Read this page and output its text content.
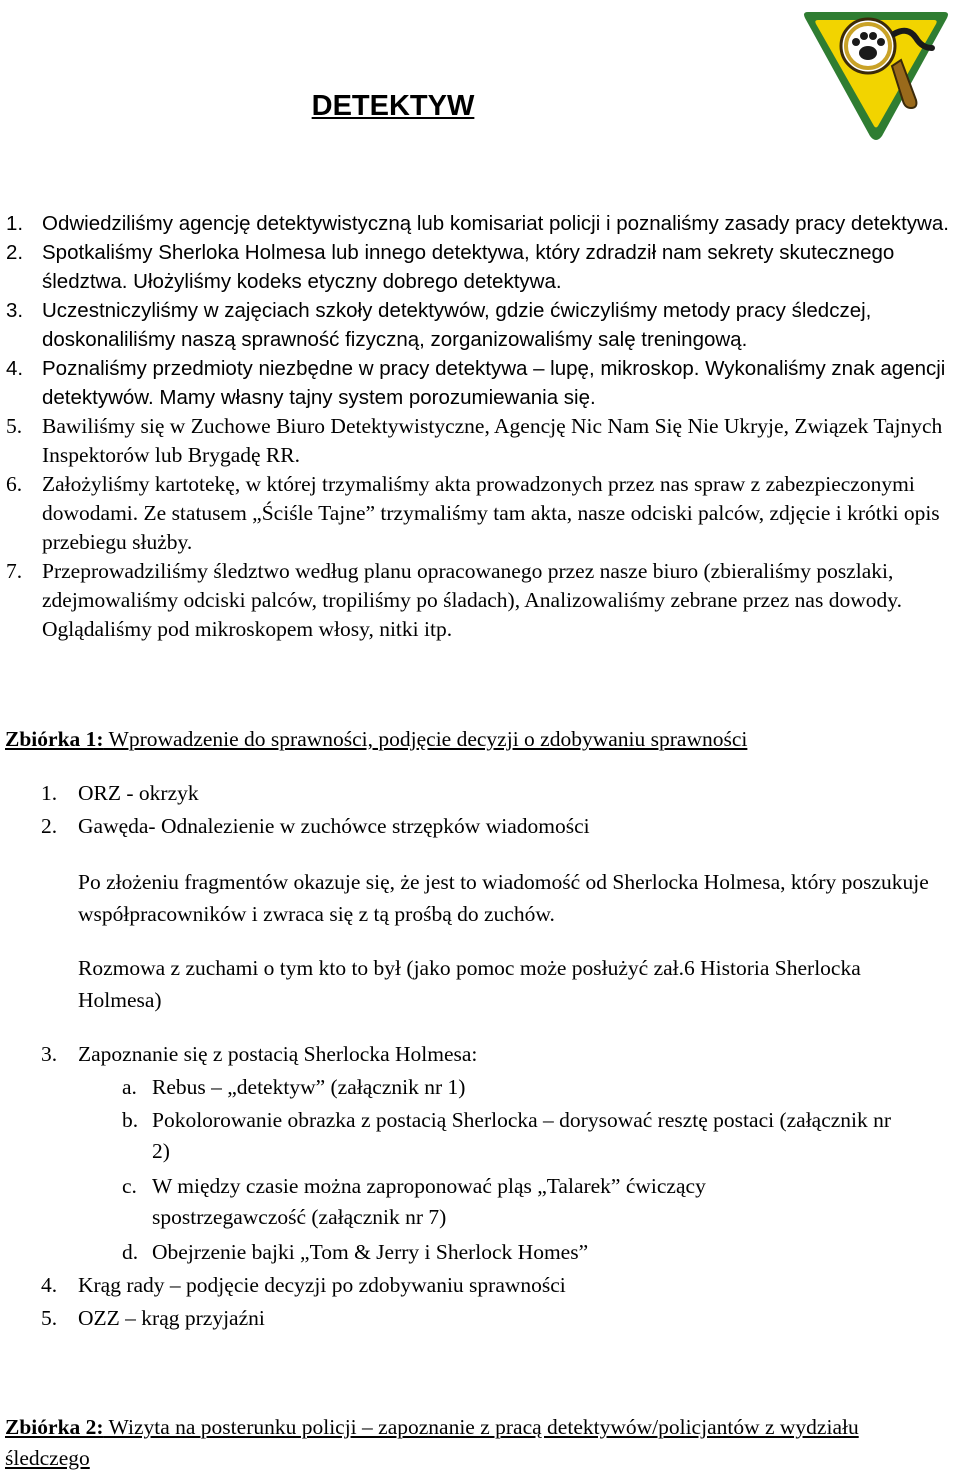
DETEKTYW
1. Odwiedziliśmy agencję detektywistyczną lub komisariat policji i poznaliśmy zasady pracy detektywa.
2. Spotkaliśmy Sherloka Holmesa lub innego detektywa, który zdradził nam sekrety skutecznego śledztwa. Ułożyliśmy kodeks etyczny dobrego detektywa.
3. Uczestniczyliśmy w zajęciach szkoły detektywów, gdzie ćwiczyliśmy metody pracy śledczej, doskonaliliśmy naszą sprawność fizyczną, zorganizowaliśmy salę treningową.
4. Poznaliśmy przedmioty niezbędne w pracy detektywa – lupę, mikroskop. Wykonaliśmy znak agencji detektywów. Mamy własny tajny system porozumiewania się.
5. Bawiliśmy się w Zuchowe Biuro Detektywistyczne, Agencję Nic Nam Się Nie Ukryje, Związek Tajnych Inspektorów lub Brygadę RR.
6. Założyliśmy kartotekę, w której trzymaliśmy akta prowadzonych przez nas spraw z zabezpieczonymi dowodami. Ze statusem „Ściśle Tajne” trzymaliśmy tam akta, nasze odciski palców, zdjęcie i krótki opis przebiegu służby.
7. Przeprowadziliśmy śledztwo według planu opracowanego przez nasze biuro (zbieraliśmy poszlaki, zdejmowaliśmy odciski palców, tropiliśmy po śladach), Analizowaliśmy zebrane przez nas dowody. Oglądaliśmy pod mikroskopem włosy, nitki itp.
Zbiórka 1: Wprowadzenie do sprawności, podjęcie decyzji o zdobywaniu sprawności
1. ORZ - okrzyk
2. Gawęda- Odnalezienie w zuchówce strzępków wiadomości

Po złożeniu fragmentów okazuje się, że jest to wiadomość od Sherlocka Holmesa, który poszukuje współpracowników i zwraca się z tą prośbą do zuchów.

Rozmowa z zuchami o tym kto to był (jako pomoc może posłużyć zał.6 Historia Sherlocka Holmesa)

3. Zapoznanie się z postacią Sherlocka Holmesa:
a. Rebus – „detektyw” (załącznik nr 1)
b. Pokolorowanie obrazka z postacią Sherlocka – dorysować resztę postaci (załącznik nr 2)
c. W między czasie można zaproponować pląs „Talarek” ćwiczący spostrzegawczość (załącznik nr 7)
d. Obejrzenie bajki „Tom & Jerry i Sherlock Homes”
4. Krąg rady – podjęcie decyzji po zdobywaniu sprawności
5. OZZ – krąg przyjaźni
Zbiórka 2: Wizyta na posterunku policji – zapoznanie z pracą detektywów/policjantów z wydziału śledczego
